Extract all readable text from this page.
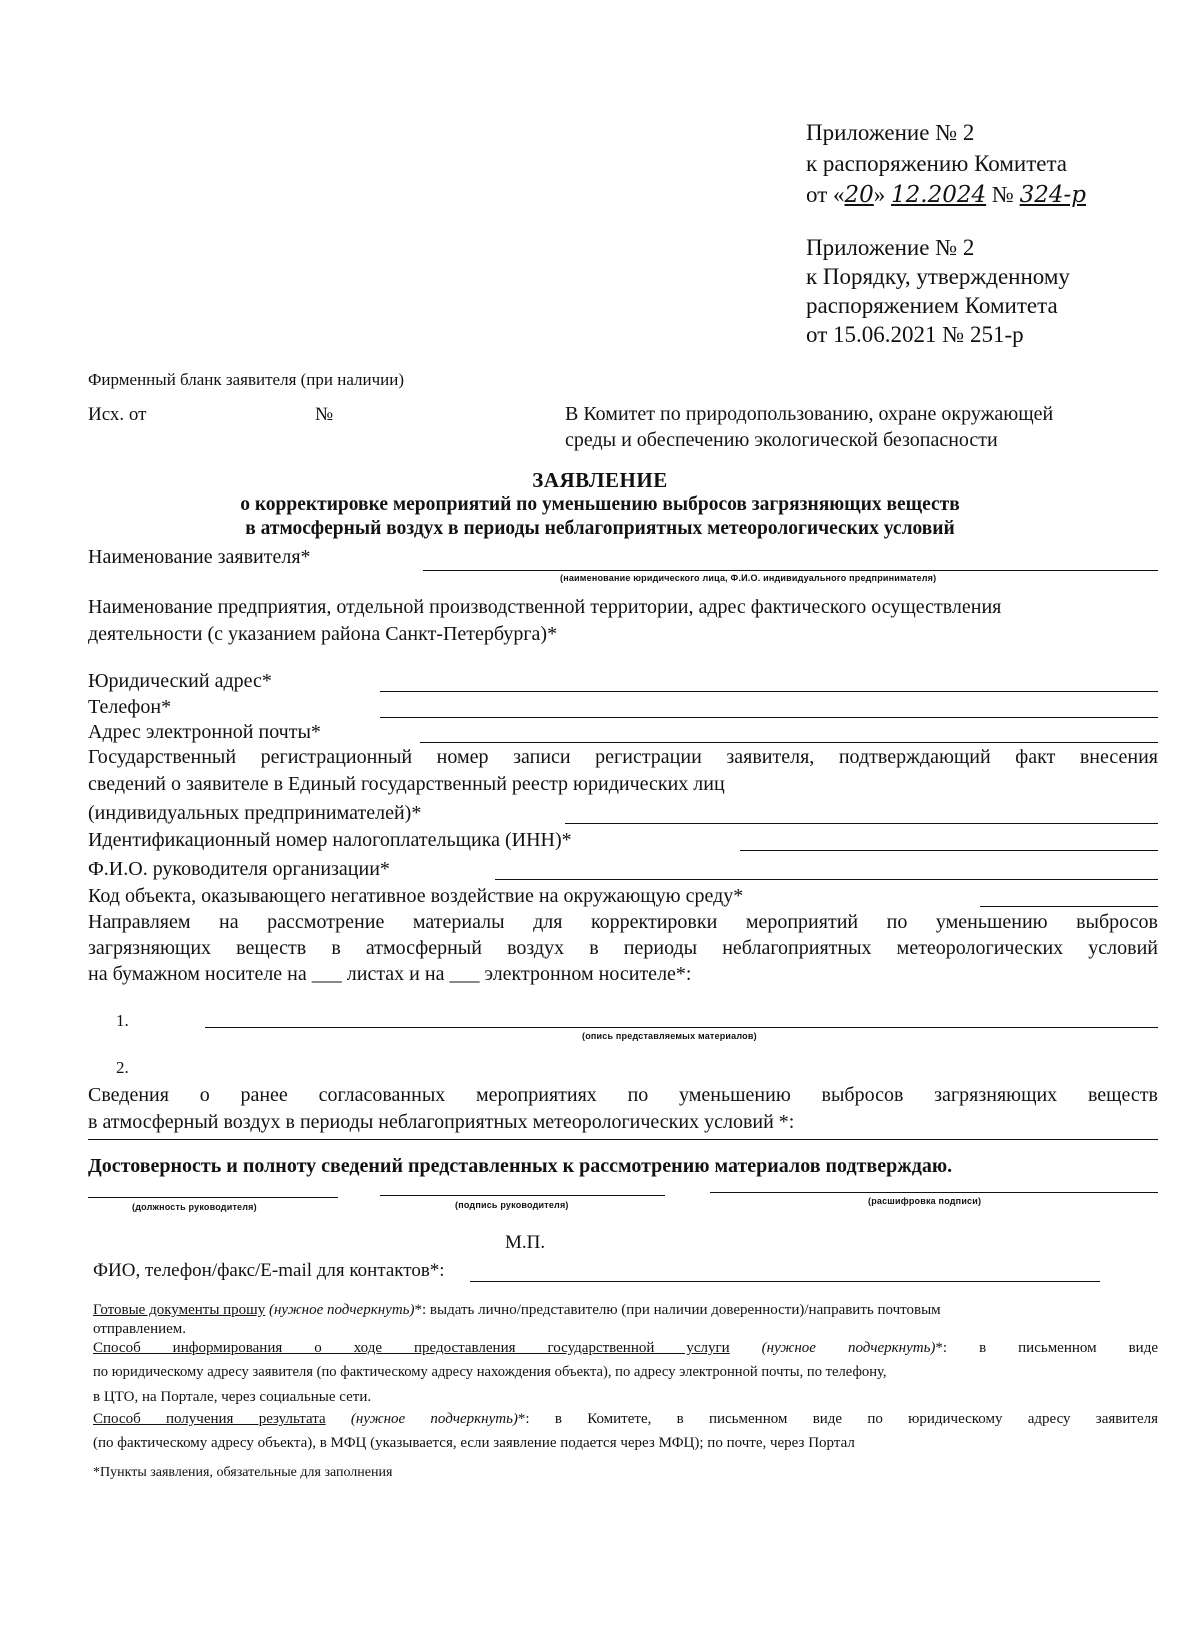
Приложение № 2
к распоряжению Комитета
от «20» 12.2024 № 324-р
Приложение № 2
к Порядку, утвержденному
распоряжением Комитета
от 15.06.2021 № 251-р
Фирменный бланк заявителя (при наличии)
Исх. от	№	В Комитет по природопользованию, охране окружающей
среды и обеспечению экологической безопасности
ЗАЯВЛЕНИЕ
о корректировке мероприятий по уменьшению выбросов загрязняющих веществ
в атмосферный воздух в периоды неблагоприятных метеорологических условий
Наименование заявителя*
(наименование юридического лица, Ф.И.О. индивидуального предпринимателя)
Наименование предприятия, отдельной производственной территории, адрес фактического осуществления
деятельности (с указанием района Санкт-Петербурга)*
Юридический адрес*
Телефон*
Адрес электронной почты*
Государственный регистрационный номер записи регистрации заявителя, подтверждающий факт внесения
сведений о заявителе в Единый государственный реестр юридических лиц
(индивидуальных предпринимателей)*
Идентификационный номер налогоплательщика (ИНН)*
Ф.И.О. руководителя организации*
Код объекта, оказывающего негативное воздействие на окружающую среду*
Направляем на рассмотрение материалы для корректировки мероприятий по уменьшению выбросов
загрязняющих веществ в атмосферный воздух в периоды неблагоприятных метеорологических условий
на бумажном носителе на ___ листах и на ___ электронном носителе*:
1.
(опись представляемых материалов)
2.
Сведения о ранее согласованных мероприятиях по уменьшению выбросов загрязняющих веществ
в атмосферный воздух в периоды неблагоприятных метеорологических условий *:
Достоверность и полноту сведений представленных к рассмотрению материалов подтверждаю.
(должность руководителя)	(подпись руководителя)	(расшифровка подписи)
М.П.
ФИО, телефон/факс/E-mail для контактов*:
Готовые документы прошу (нужное подчеркнуть)*: выдать лично/представителю (при наличии доверенности)/направить почтовым
отправлением.
Способ информирования о ходе предоставления государственной услуги (нужное подчеркнуть)*: в письменном виде
по юридическому адресу заявителя (по фактическому адресу нахождения объекта), по адресу электронной почты, по телефону,
в ЦТО, на Портале, через социальные сети.
Способ получения результата (нужное подчеркнуть)*: в Комитете, в письменном виде по юридическому адресу заявителя
(по фактическому адресу объекта), в МФЦ (указывается, если заявление подается через МФЦ); по почте, через Портал
*Пункты заявления, обязательные для заполнения
